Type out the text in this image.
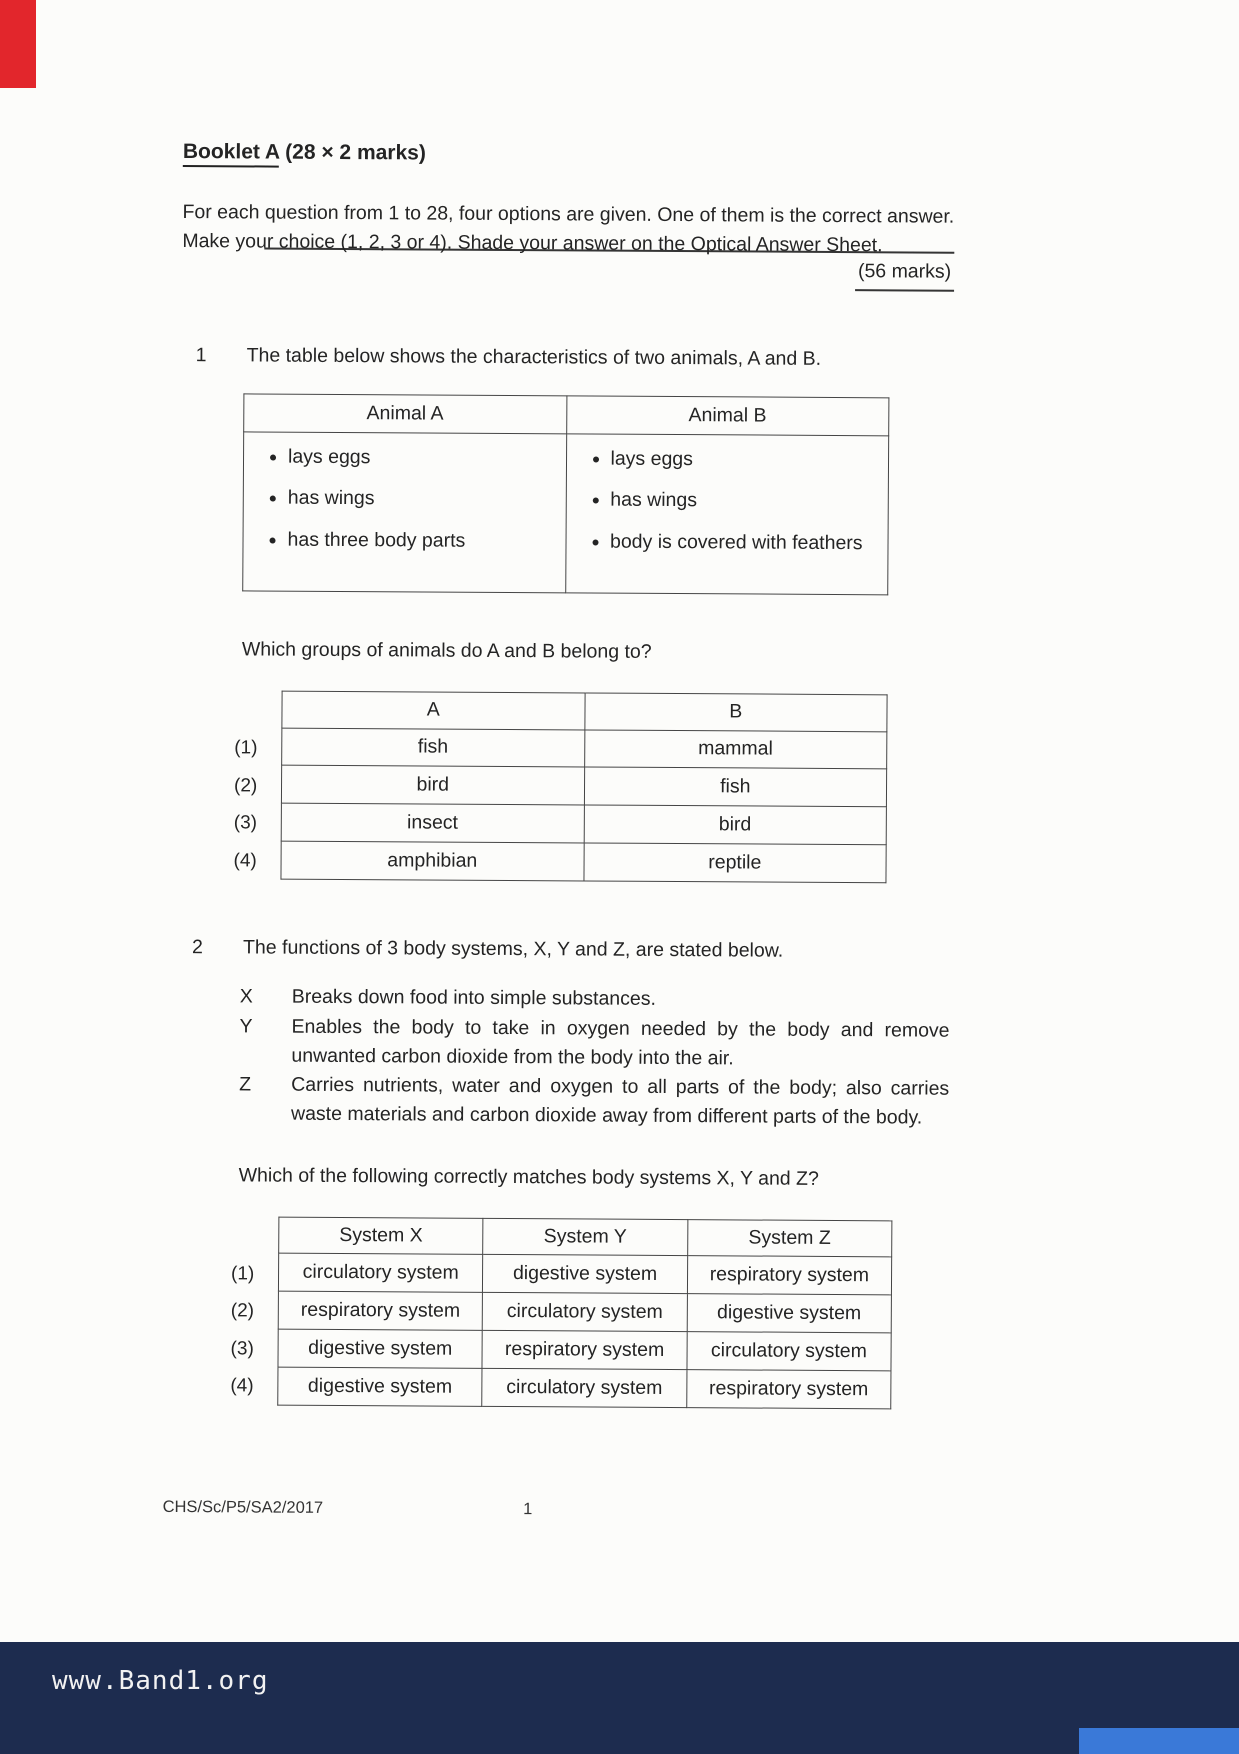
Booklet A (28 × 2 marks)

For each question from 1 to 28, four options are given. One of them is the correct answer. Make your choice (1, 2, 3 or 4). Shade your answer on the Optical Answer Sheet.

(56 marks)
1	The table below shows the characteristics of two animals, A and B.
Animal A	Animal B

• lays eggs
• has wings
• has three body parts

• lays eggs
• has wings
• body is covered with feathers
Which groups of animals do A and B belong to?
(1)
(2)
(3)
(4)
A	B
fish	mammal
bird	fish
insect	bird
amphibian	reptile
2	The functions of 3 body systems, X, Y and Z, are stated below.
X	Breaks down food into simple substances.
Y	Enables the body to take in oxygen needed by the body and remove unwanted carbon dioxide from the body into the air.
Z	Carries nutrients, water and oxygen to all parts of the body; also carries waste materials and carbon dioxide away from different parts of the body.
Which of the following correctly matches body systems X, Y and Z?
(1)
(2)
(3)
(4)
System X	System Y	System Z
circulatory system	digestive system	respiratory system
respiratory system	circulatory system	digestive system
digestive system	respiratory system	circulatory system
digestive system	circulatory system	respiratory system
CHS/Sc/P5/SA2/2017	1
www.Band1.org
